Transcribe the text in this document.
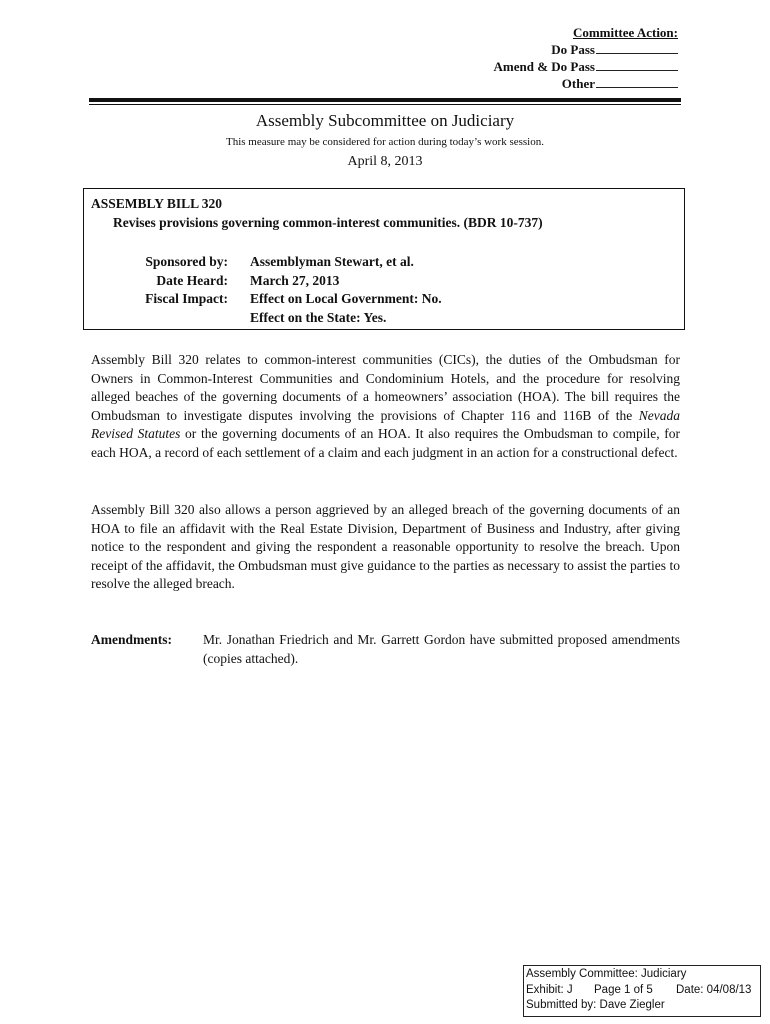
Committee Action:
Do Pass
Amend & Do Pass
Other
Assembly Subcommittee on Judiciary
This measure may be considered for action during today’s work session.
April 8, 2013
ASSEMBLY BILL 320
Revises provisions governing common-interest communities. (BDR 10-737)
Sponsored by:	Assemblyman Stewart, et al.
Date Heard:	March 27, 2013
Fiscal Impact:	Effect on Local Government: No.
Effect on the State: Yes.
Assembly Bill 320 relates to common-interest communities (CICs), the duties of the Ombudsman for Owners in Common-Interest Communities and Condominium Hotels, and the procedure for resolving alleged beaches of the governing documents of a homeowners’ association (HOA). The bill requires the Ombudsman to investigate disputes involving the provisions of Chapter 116 and 116B of the Nevada Revised Statutes or the governing documents of an HOA. It also requires the Ombudsman to compile, for each HOA, a record of each settlement of a claim and each judgment in an action for a constructional defect.
Assembly Bill 320 also allows a person aggrieved by an alleged breach of the governing documents of an HOA to file an affidavit with the Real Estate Division, Department of Business and Industry, after giving notice to the respondent and giving the respondent a reasonable opportunity to resolve the breach. Upon receipt of the affidavit, the Ombudsman must give guidance to the parties as necessary to assist the parties to resolve the alleged breach.
Amendments: Mr. Jonathan Friedrich and Mr. Garrett Gordon have submitted proposed amendments (copies attached).
Assembly Committee: Judiciary
Exhibit: J Page 1 of 5 Date: 04/08/13
Submitted by: Dave Ziegler
